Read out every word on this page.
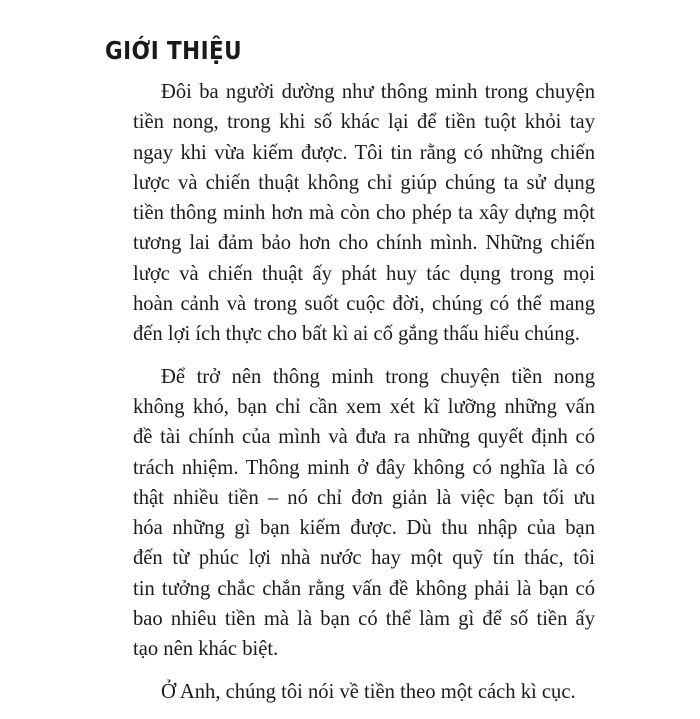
GIỚI THIỆU
Đôi ba người dường như thông minh trong chuyện
tiền nong, trong khi số khác lại để tiền tuột khỏi tay
ngay khi vừa kiếm được. Tôi tin rằng có những chiến
lược và chiến thuật không chỉ giúp chúng ta sử dụng
tiền thông minh hơn mà còn cho phép ta xây dựng một
tương lai đảm bảo hơn cho chính mình. Những chiến
lược và chiến thuật ấy phát huy tác dụng trong mọi
hoàn cảnh và trong suốt cuộc đời, chúng có thể mang
đến lợi ích thực cho bất kì ai cố gắng thấu hiểu chúng.
Để trở nên thông minh trong chuyện tiền nong
không khó, bạn chỉ cần xem xét kĩ lưỡng những vấn
đề tài chính của mình và đưa ra những quyết định có
trách nhiệm. Thông minh ở đây không có nghĩa là có
thật nhiều tiền – nó chỉ đơn giản là việc bạn tối ưu
hóa những gì bạn kiếm được. Dù thu nhập của bạn
đến từ phúc lợi nhà nước hay một quỹ tín thác, tôi
tin tưởng chắc chắn rằng vấn đề không phải là bạn có
bao nhiêu tiền mà là bạn có thể làm gì để số tiền ấy
tạo nên khác biệt.
Ở Anh, chúng tôi nói về tiền theo một cách kì cục.
